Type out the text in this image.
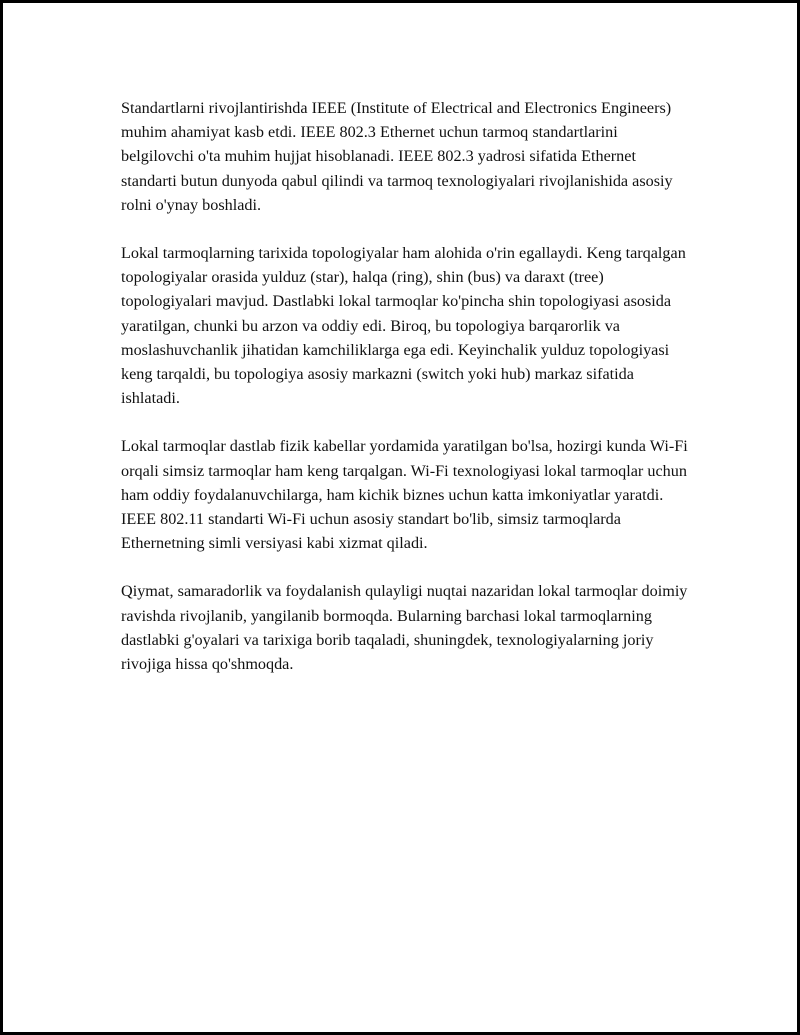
Standartlarni rivojlantirishda IEEE (Institute of Electrical and Electronics Engineers) muhim ahamiyat kasb etdi. IEEE 802.3 Ethernet uchun tarmoq standartlarini belgilovchi o'ta muhim hujjat hisoblanadi. IEEE 802.3 yadrosi sifatida Ethernet standarti butun dunyoda qabul qilindi va tarmoq texnologiyalari rivojlanishida asosiy rolni o'ynay boshladi.

Lokal tarmoqlarning tarixida topologiyalar ham alohida o'rin egallaydi. Keng tarqalgan topologiyalar orasida yulduz (star), halqa (ring), shin (bus) va daraxt (tree) topologiyalari mavjud. Dastlabki lokal tarmoqlar ko'pincha shin topologiyasi asosida yaratilgan, chunki bu arzon va oddiy edi. Biroq, bu topologiya barqarorlik va moslashuvchanlik jihatidan kamchiliklarga ega edi. Keyinchalik yulduz topologiyasi keng tarqaldi, bu topologiya asosiy markazni (switch yoki hub) markaz sifatida ishlatadi.

Lokal tarmoqlar dastlab fizik kabellar yordamida yaratilgan bo'lsa, hozirgi kunda Wi-Fi orqali simsiz tarmoqlar ham keng tarqalgan. Wi-Fi texnologiyasi lokal tarmoqlar uchun ham oddiy foydalanuvchilarga, ham kichik biznes uchun katta imkoniyatlar yaratdi. IEEE 802.11 standarti Wi-Fi uchun asosiy standart bo'lib, simsiz tarmoqlarda Ethernetning simli versiyasi kabi xizmat qiladi.

Qiymat, samaradorlik va foydalanish qulayligi nuqtai nazaridan lokal tarmoqlar doimiy ravishda rivojlanib, yangilanib bormoqda. Bularning barchasi lokal tarmoqlarning dastlabki g'oyalari va tarixiga borib taqaladi, shuningdek, texnologiyalarning joriy rivojiga hissa qo'shmoqda.
